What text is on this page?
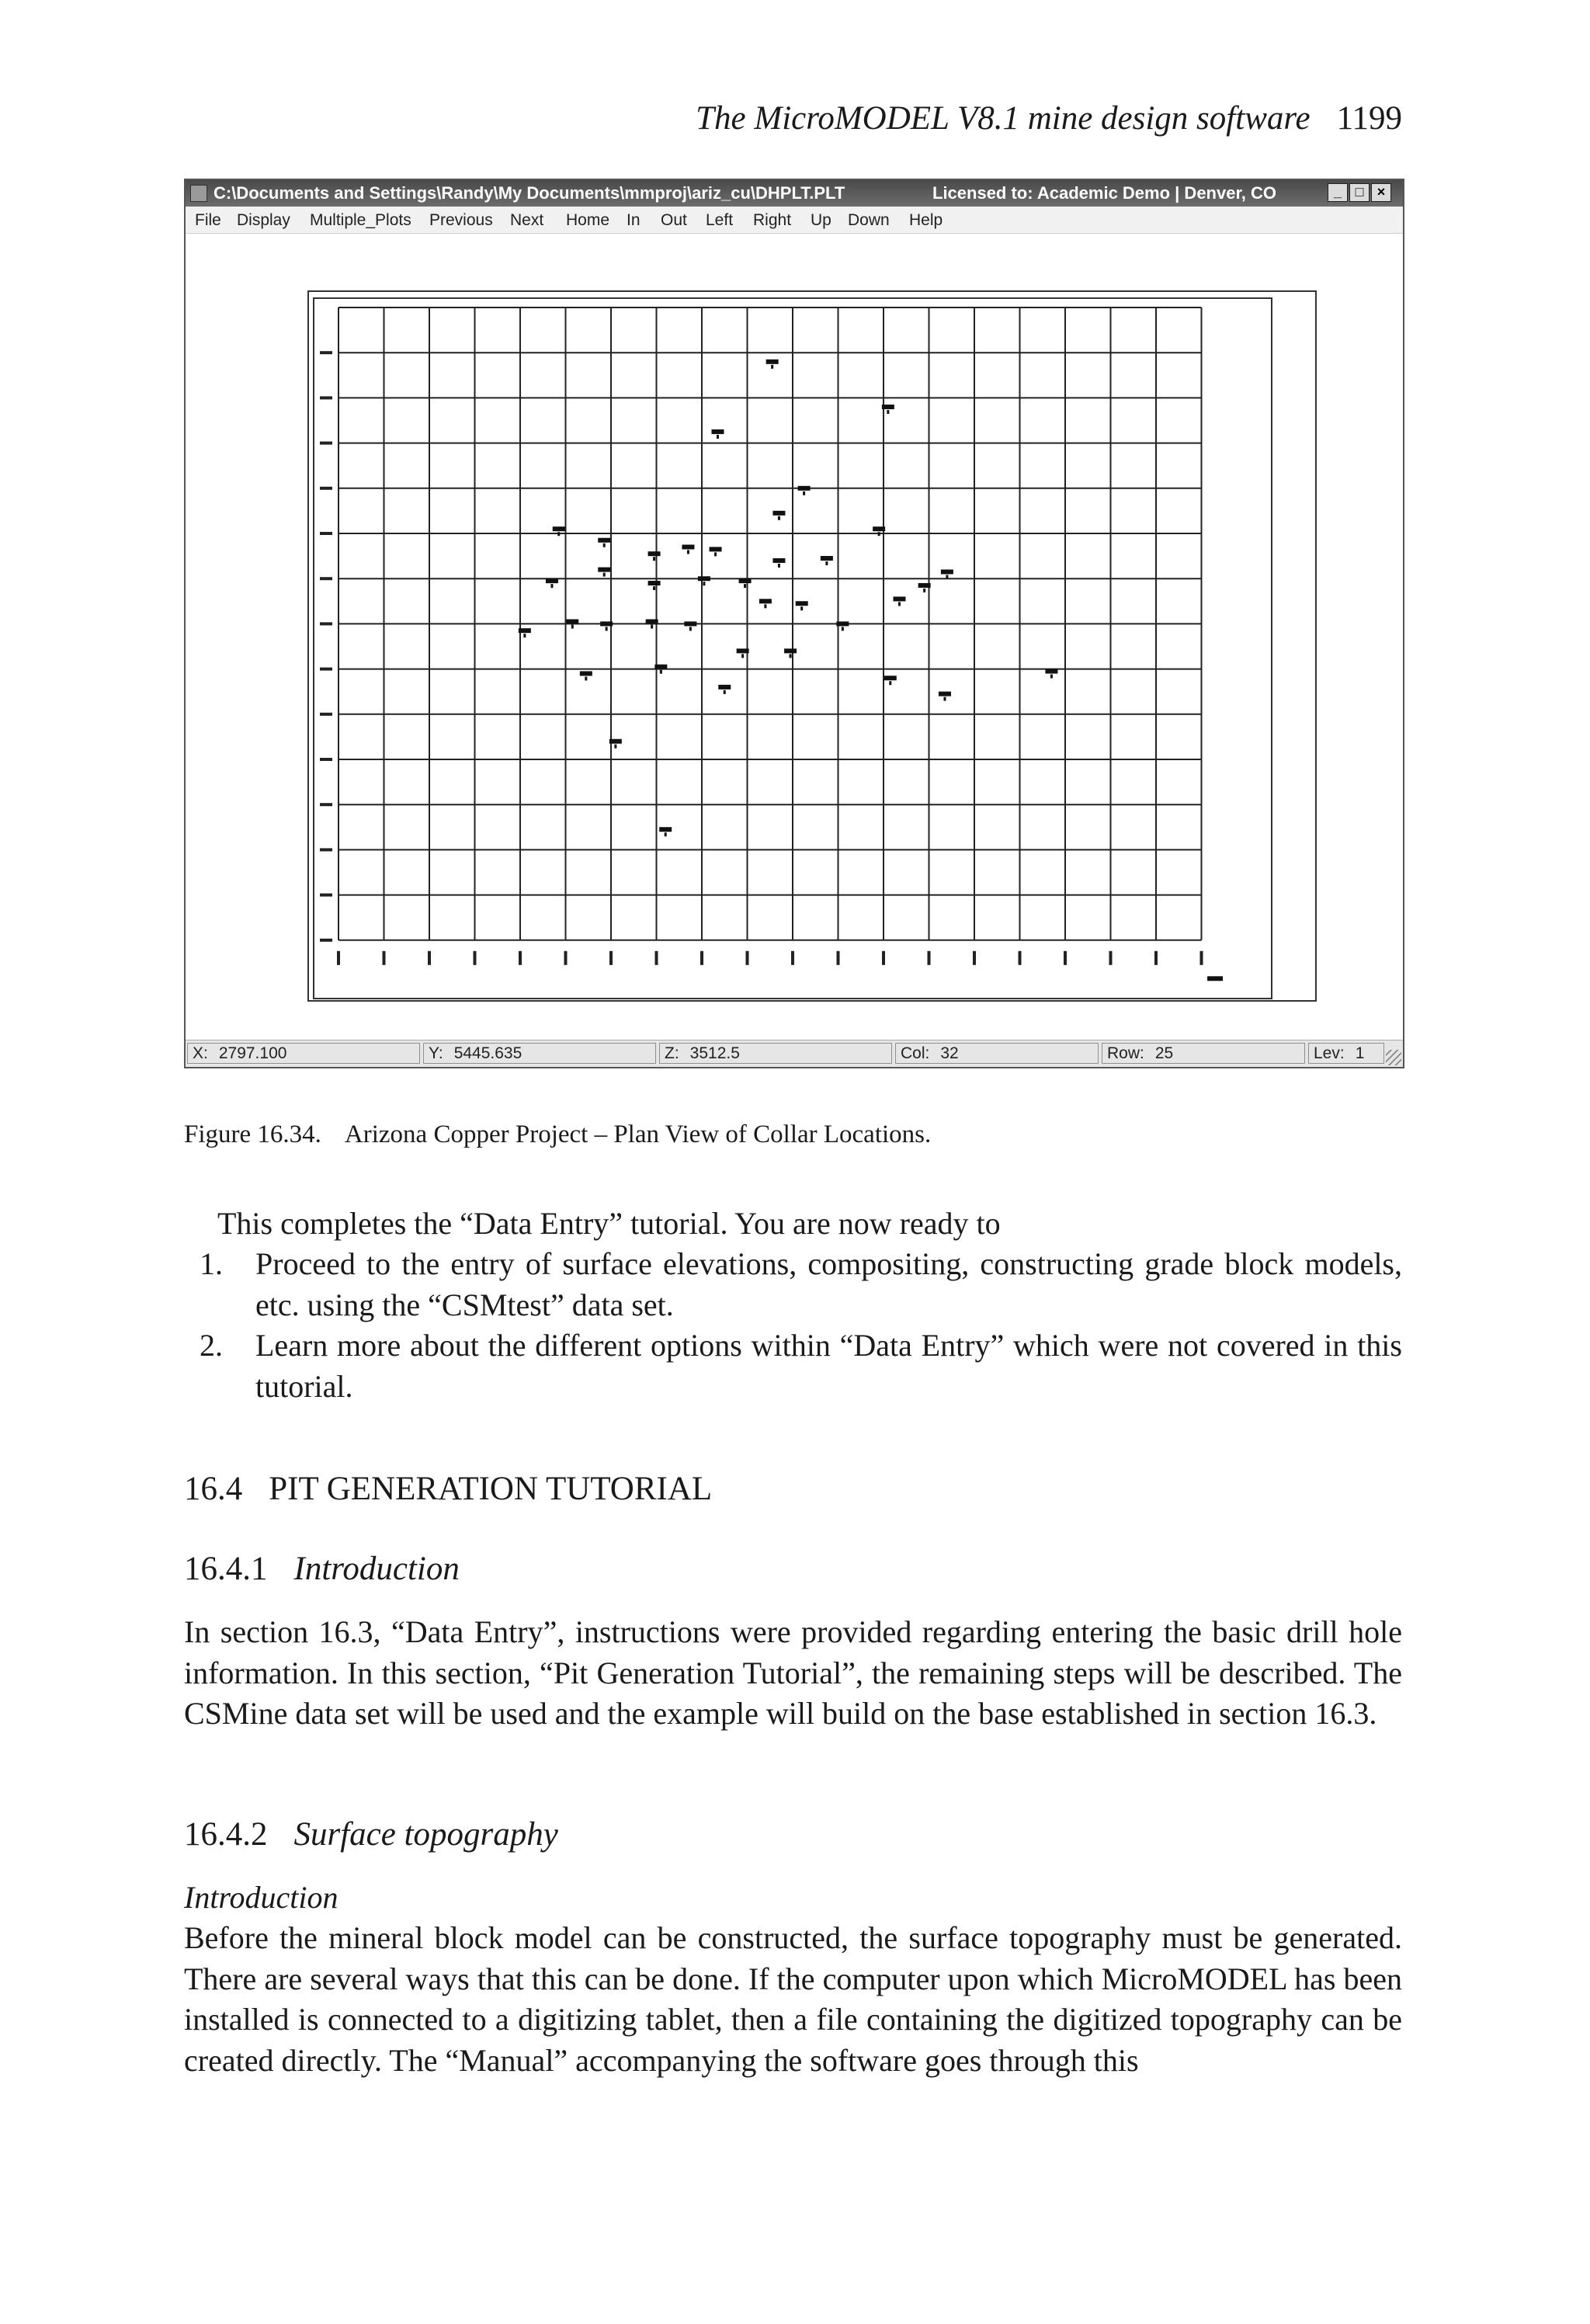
The MicroMODEL V8.1 mine design software 1199
C:\Documents and Settings\Randy\My Documents\mmproj\ariz_cu\DHPLT.PLT	Licensed to: Academic Demo | Denver, CO	_ □ ×
File Display Multiple_Plots Previous Next Home In Out Left Right Up Down Help
X: 2797.100	Y: 5445.635	Z: 3512.5	Col: 32	Row: 25	Lev: 1
Figure 16.34. Arizona Copper Project – Plan View of Collar Locations.

This completes the “Data Entry” tutorial. You are now ready to

1. Proceed to the entry of surface elevations, compositing, constructing grade block models, etc. using the “CSMtest” data set.
2. Learn more about the different options within “Data Entry” which were not covered in this tutorial.
16.4 PIT GENERATION TUTORIAL
16.4.1 Introduction

In section 16.3, “Data Entry”, instructions were provided regarding entering the basic drill hole information. In this section, “Pit Generation Tutorial”, the remaining steps will be described. The CSMine data set will be used and the example will build on the base established in section 16.3.

16.4.2 Surface topography
Introduction

Before the mineral block model can be constructed, the surface topography must be generated. There are several ways that this can be done. If the computer upon which MicroMODEL has been installed is connected to a digitizing tablet, then a file containing the digitized topography can be created directly. The “Manual” accompanying the software goes through this
